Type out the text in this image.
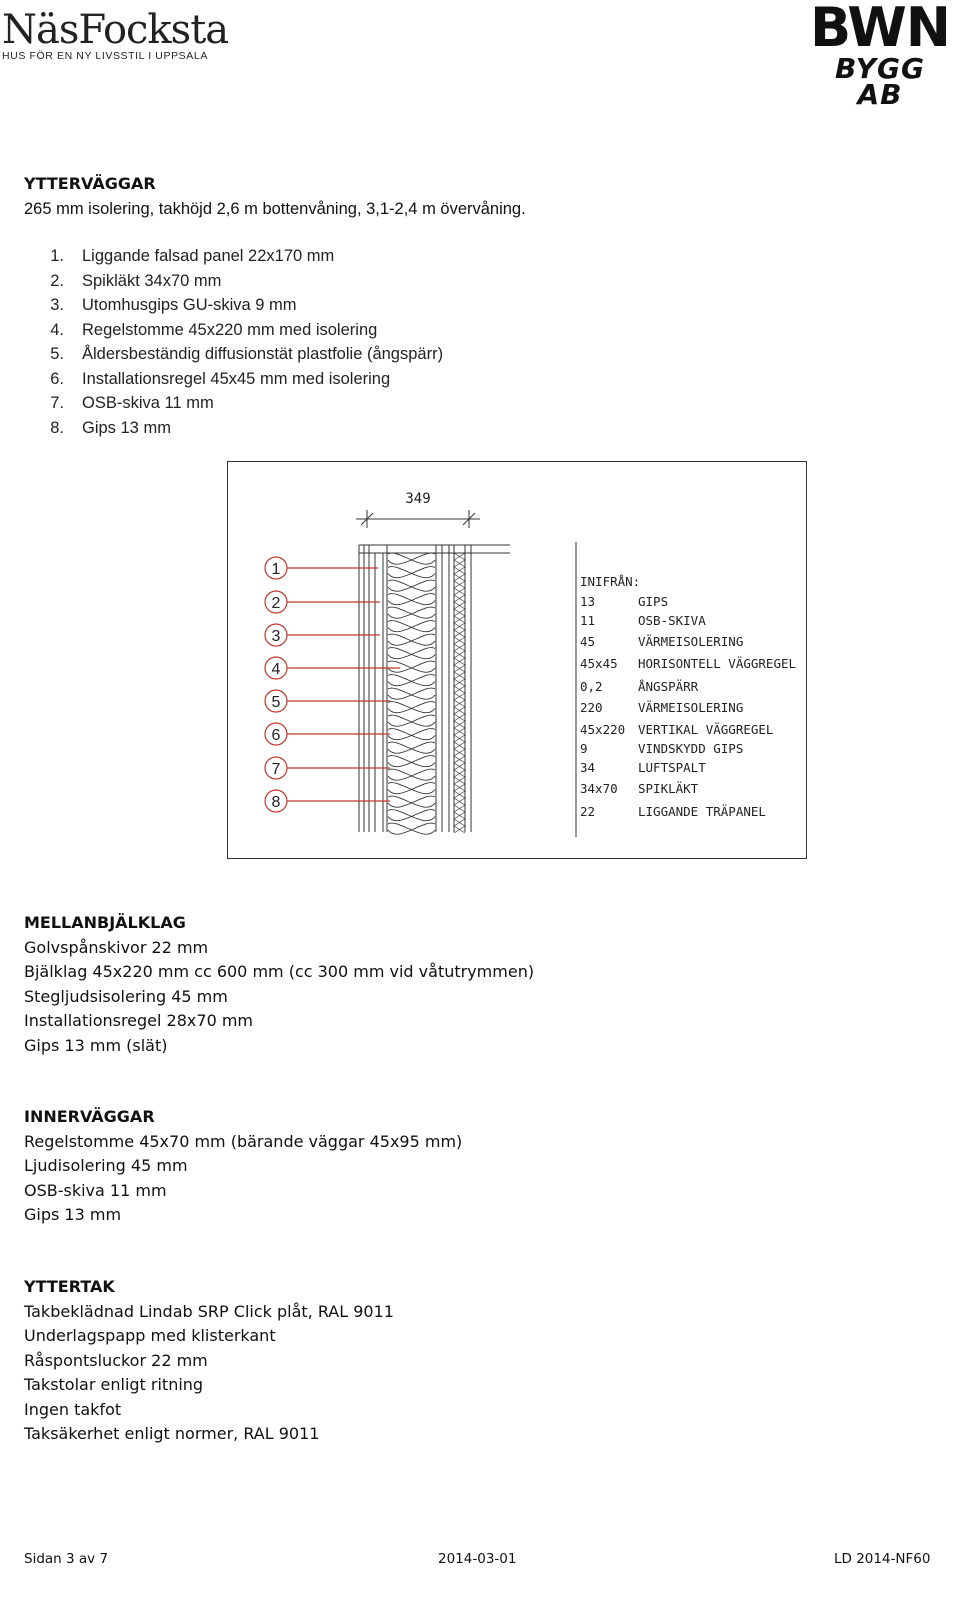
NäsFocksta
HUS FÖR EN NY LIVSSTIL I UPPSALA	BWN
BYGG AB
YTTERVÄGGAR
265 mm isolering, takhöjd 2,6 m bottenvåning, 3,1-2,4 m övervåning.
1. Liggande falsad panel 22x170 mm
2. Spikläkt 34x70 mm
3. Utomhusgips GU-skiva 9 mm
4. Regelstomme 45x220 mm med isolering
5. Åldersbeständig diffusionstät plastfolie (ångspärr)
6. Installationsregel 45x45 mm med isolering
7. OSB-skiva 11 mm
8. Gips 13 mm
349
1
2
3
4
5
6
7
8
INIFRÅN:
13	GIPS
11	OSB-SKIVA
45	VÄRMEISOLERING
45x45 HORISONTELL VÄGGREGEL
0,2	ÅNGSPÄRR
220	VÄRMEISOLERING
45x220 VERTIKAL VÄGGREGEL
9	VINDSKYDD GIPS
34	LUFTSPALT
34x70 SPIKLÄKT
22	LIGGANDE TRÄPANEL
MELLANBJÄLKLAG
Golvspånskivor 22 mm
Bjälklag 45x220 mm cc 600 mm (cc 300 mm vid våtutrymmen)
Stegljudsisolering 45 mm
Installationsregel 28x70 mm
Gips 13 mm (slät)
INNERVÄGGAR
Regelstomme 45x70 mm (bärande väggar 45x95 mm)
Ljudisolering 45 mm
OSB-skiva 11 mm
Gips 13 mm
YTTERTAK
Takbeklädnad Lindab SRP Click plåt, RAL 9011
Underlagspapp med klisterkant
Råspontsluckor 22 mm
Takstolar enligt ritning
Ingen takfot
Taksäkerhet enligt normer, RAL 9011
Sidan 3 av 7	2014-03-01	LD 2014-NF60
